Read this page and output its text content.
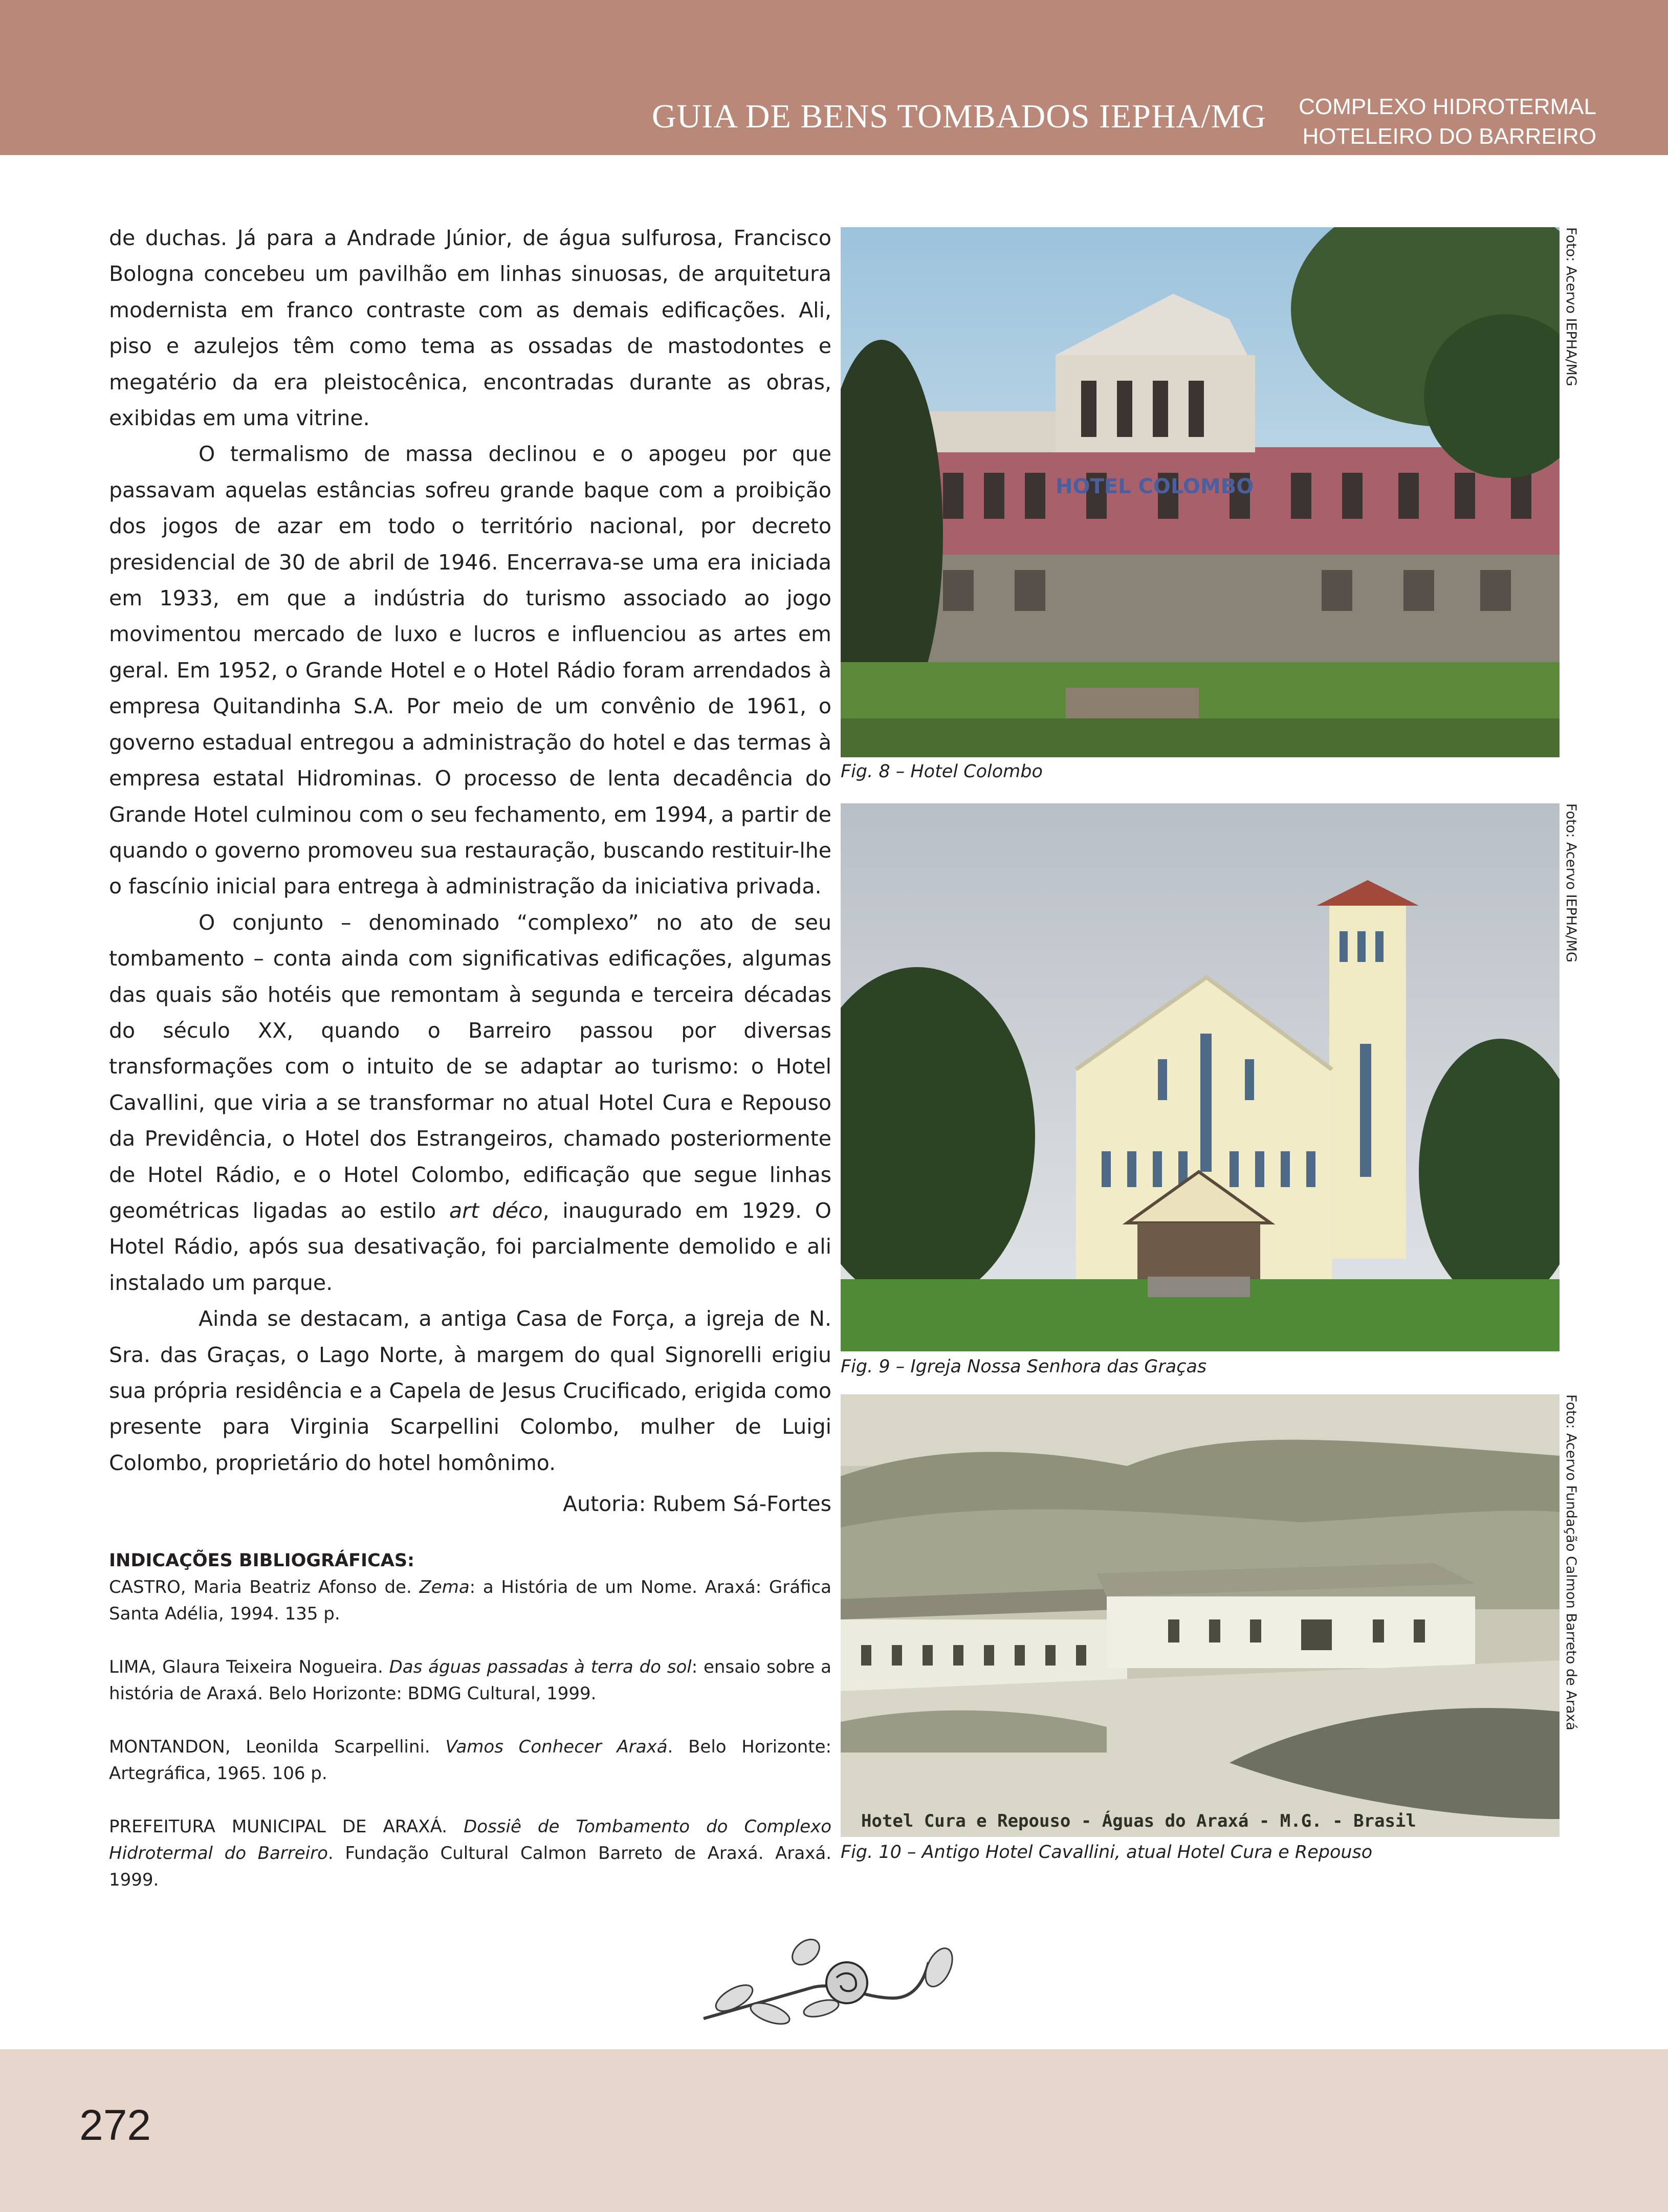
GUIA DE BENS TOMBADOS IEPHA/MG COMPLEXO HIDROTERMAL
HOTELEIRO DO BARREIRO

de duchas. Já para a Andrade Júnior, de água sulfurosa, Francisco Bologna concebeu um pavilhão em linhas sinuosas, de arquitetura modernista em franco contraste com as demais edificações. Ali, piso e azulejos têm como tema as ossadas de mastodontes e megatério da era pleistocênica, encontradas durante as obras, exibidas em uma vitrine.

O termalismo de massa declinou e o apogeu por que passavam aquelas estâncias sofreu grande baque com a proibição dos jogos de azar em todo o território nacional, por decreto presidencial de 30 de abril de 1946. Encerrava-se uma era iniciada em 1933, em que a indústria do turismo associado ao jogo movimentou mercado de luxo e lucros e influenciou as artes em geral. Em 1952, o Grande Hotel e o Hotel Rádio foram arrendados à empresa Quitandinha S.A. Por meio de um convênio de 1961, o governo estadual entregou a administração do hotel e das termas à empresa estatal Hidrominas. O processo de lenta decadência do Grande Hotel culminou com o seu fechamento, em 1994, a partir de quando o governo promoveu sua restauração, buscando restituir-lhe o fascínio inicial para entrega à administração da iniciativa privada.

O conjunto – denominado “complexo” no ato de seu tombamento – conta ainda com significativas edificações, algumas das quais são hotéis que remontam à segunda e terceira décadas do século XX, quando o Barreiro passou por diversas transformações com o intuito de se adaptar ao turismo: o Hotel Cavallini, que viria a se transformar no atual Hotel Cura e Repouso da Previdência, o Hotel dos Estrangeiros, chamado posteriormente de Hotel Rádio, e o Hotel Colombo, edificação que segue linhas geométricas ligadas ao estilo art déco, inaugurado em 1929. O Hotel Rádio, após sua desativação, foi parcialmente demolido e ali instalado um parque.

Ainda se destacam, a antiga Casa de Força, a igreja de N. Sra. das Graças, o Lago Norte, à margem do qual Signorelli erigiu sua própria residência e a Capela de Jesus Crucificado, erigida como presente para Virginia Scarpellini Colombo, mulher de Luigi Colombo, proprietário do hotel homônimo.

Autoria: Rubem Sá-Fortes

INDICAÇÕES BIBLIOGRÁFICAS:

CASTRO, Maria Beatriz Afonso de. Zema: a História de um Nome. Araxá: Gráfica Santa Adélia, 1994. 135 p.

LIMA, Glaura Teixeira Nogueira. Das águas passadas à terra do sol: ensaio sobre a história de Araxá. Belo Horizonte: BDMG Cultural, 1999.

MONTANDON, Leonilda Scarpellini. Vamos Conhecer Araxá. Belo Horizonte: Artegráfica, 1965. 106 p.

PREFEITURA MUNICIPAL DE ARAXÁ. Dossiê de Tombamento do Complexo Hidrotermal do Barreiro. Fundação Cultural Calmon Barreto de Araxá. Araxá. 1999.

HOTEL COLOMBO
Fig. 8 – Hotel Colombo
Foto: Acervo IEPHA/MG
Fig. 9 – Igreja Nossa Senhora das Graças
Foto: Acervo IEPHA/MG
Hotel Cura e Repouso - Águas do Araxá - M.G. - Brasil
Fig. 10 – Antigo Hotel Cavallini, atual Hotel Cura e Repouso
Foto: Acervo Fundação Calmon Barreto de Araxá
272
